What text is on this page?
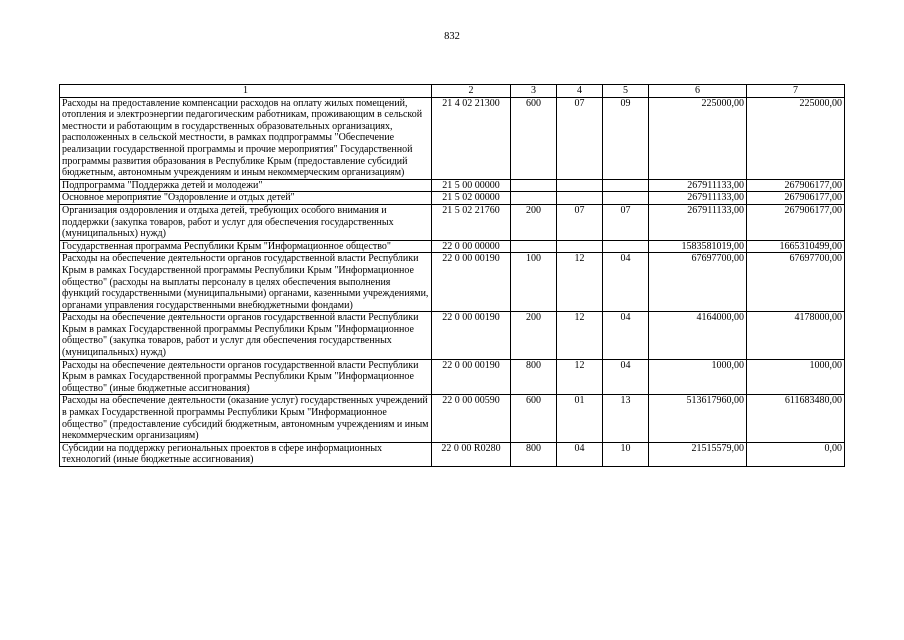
832
1	2	3	4	5	6	7
Расходы на предоставление компенсации расходов на оплату жилых помещений, отопления и электроэнергии педагогическим работникам, проживающим в сельской местности и работающим в государственных образовательных организациях, расположенных в сельской местности, в рамках подпрограммы "Обеспечение реализации государственной программы и прочие мероприятия" Государственной программы развития образования в Республике Крым (предоставление субсидий бюджетным, автономным учреждениям и иным некоммерческим организациям)	21 4 02 21300	600	07	09	225000,00	225000,00
Подпрограмма "Поддержка детей и молодежи"	21 5 00 00000				267911133,00	267906177,00
Основное мероприятие "Оздоровление и отдых детей"	21 5 02 00000				267911133,00	267906177,00
Организация оздоровления и отдыха детей, требующих особого внимания и поддержки (закупка товаров, работ и услуг для обеспечения государственных (муниципальных) нужд)	21 5 02 21760	200	07	07	267911133,00	267906177,00
Государственная программа Республики Крым "Информационное общество"	22 0 00 00000				1583581019,00	1665310499,00
Расходы на обеспечение деятельности органов государственной власти Республики Крым в рамках Государственной программы Республики Крым "Информационное общество" (расходы на выплаты персоналу в целях обеспечения выполнения функций государственными (муниципальными) органами, казенными учреждениями, органами управления государственными внебюджетными фондами)	22 0 00 00190	100	12	04	67697700,00	67697700,00
Расходы на обеспечение деятельности органов государственной власти Республики Крым в рамках Государственной программы Республики Крым "Информационное общество" (закупка товаров, работ и услуг для обеспечения государственных (муниципальных) нужд)	22 0 00 00190	200	12	04	4164000,00	4178000,00
Расходы на обеспечение деятельности органов государственной власти Республики Крым в рамках Государственной программы Республики Крым "Информационное общество" (иные бюджетные ассигнования)	22 0 00 00190	800	12	04	1000,00	1000,00
Расходы на обеспечение деятельности (оказание услуг) государственных учреждений в рамках Государственной программы Республики Крым "Информационное общество" (предоставление субсидий бюджетным, автономным учреждениям и иным некоммерческим организациям)	22 0 00 00590	600	01	13	513617960,00	611683480,00
Субсидии на поддержку региональных проектов в сфере информационных технологий (иные бюджетные ассигнования)	22 0 00 R0280	800	04	10	21515579,00	0,00
